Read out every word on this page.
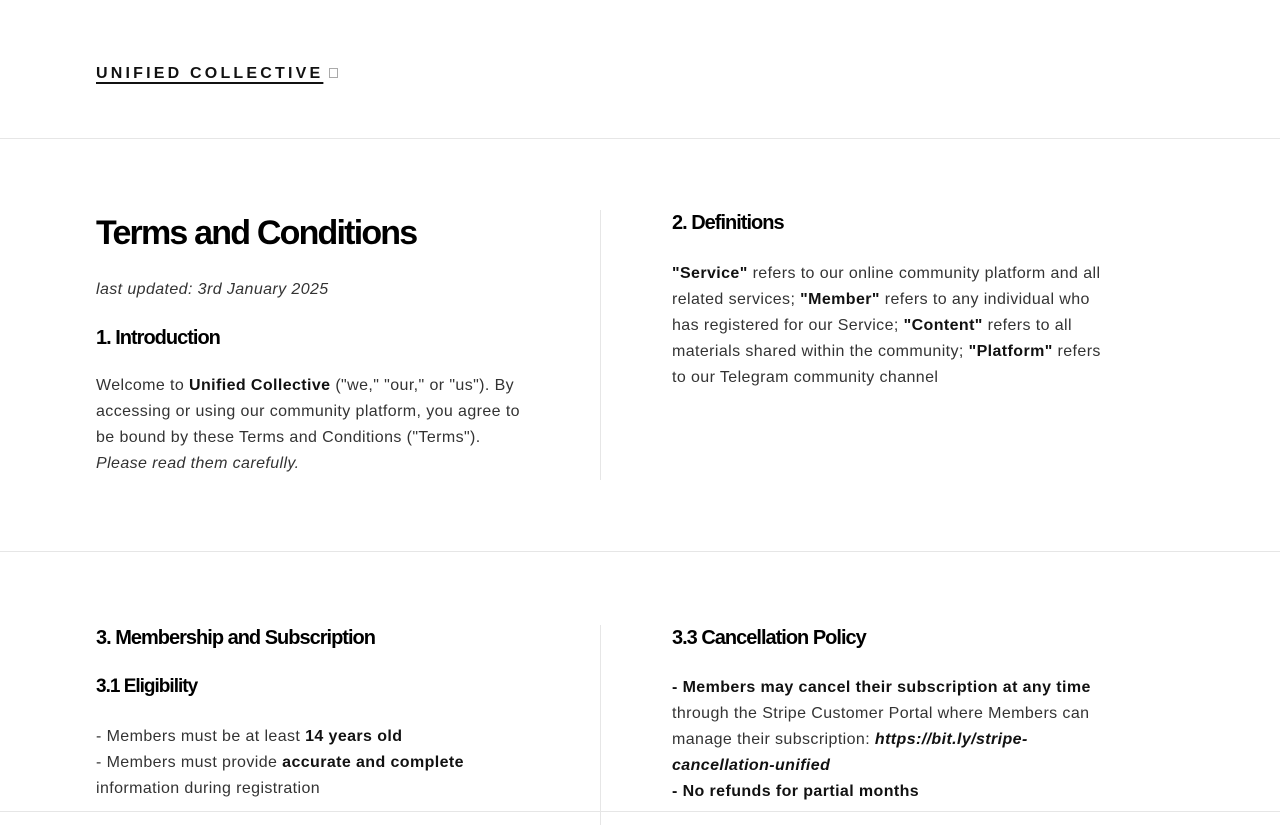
UNIFIED COLLECTIVE
Terms and Conditions

last updated: 3rd January 2025

1. Introduction

Welcome to Unified Collective ("we," "our," or "us"). By accessing or using our community platform, you agree to be bound by these Terms and Conditions ("Terms"). Please read them carefully.

2. Definitions

"Service" refers to our online community platform and all related services; "Member" refers to any individual who has registered for our Service; "Content" refers to all materials shared within the community; "Platform" refers to our Telegram community channel

3. Membership and Subscription
3.1 Eligibility

- Members must be at least 14 years old

- Members must provide accurate and complete information during registration

3.3 Cancellation Policy

- Members may cancel their subscription at any time through the Stripe Customer Portal where Members can manage their subscription: https://bit.ly/stripe-cancellation-unified

- No refunds for partial months
